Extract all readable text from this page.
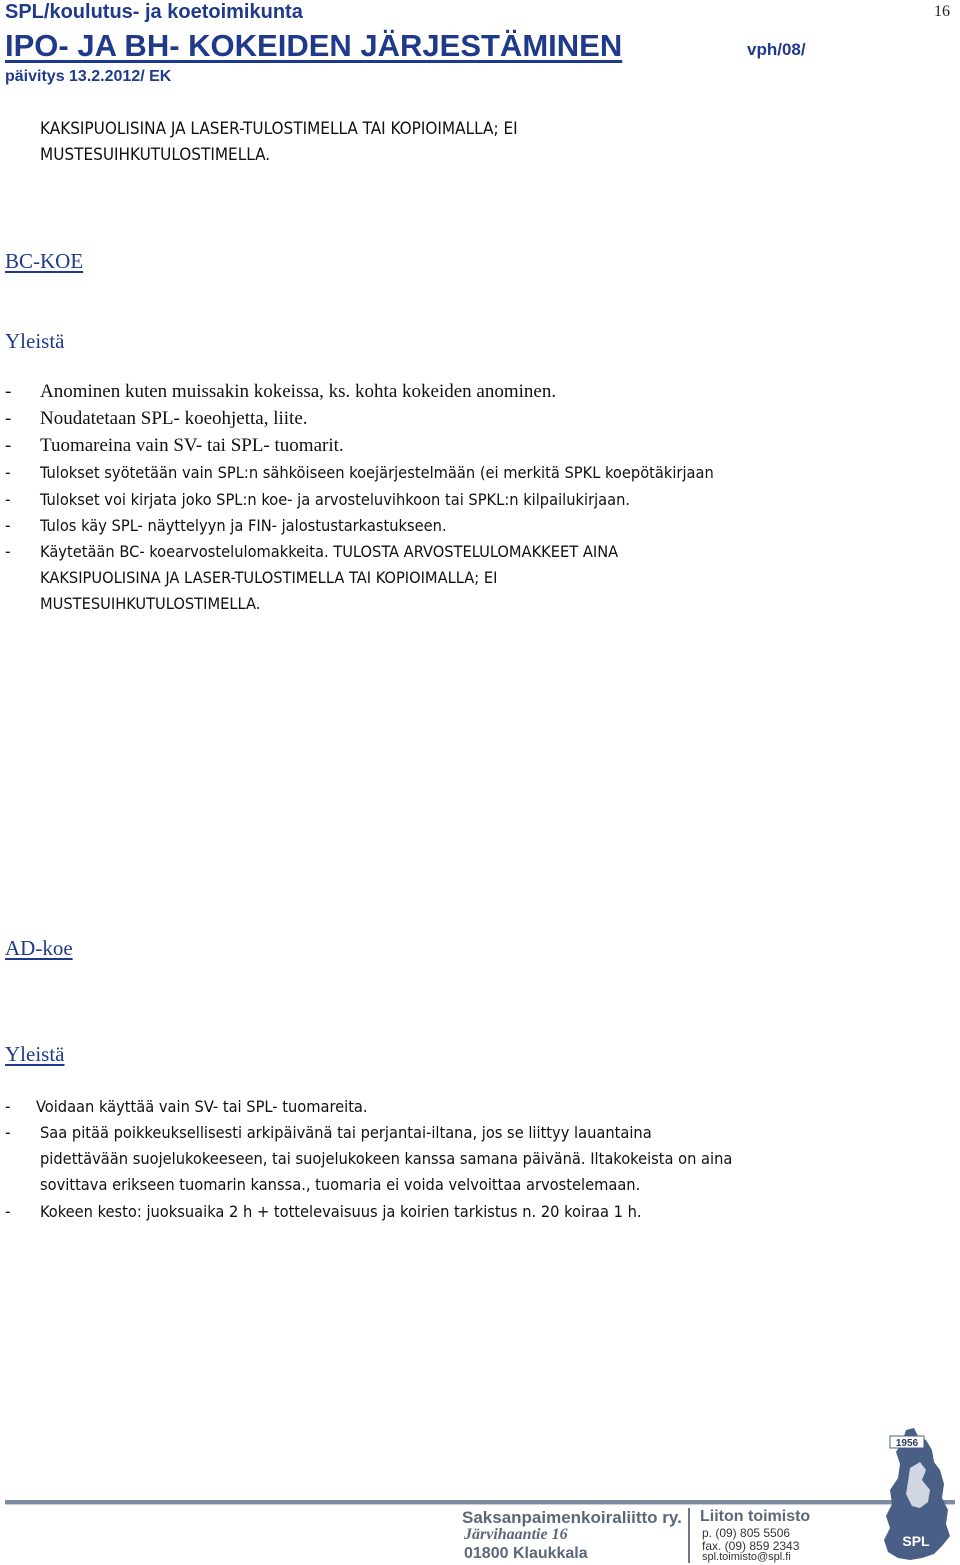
SPL/koulutus- ja koetoimikunta
IPO- JA BH- KOKEIDEN JÄRJESTÄMINEN	vph/08/
päivitys 13.2.2012/ EK
16
KAKSIPUOLISINA JA LASER-TULOSTIMELLA TAI KOPIOIMALLA; EI
MUSTESUIHKUTULOSTIMELLA.
BC-KOE
Yleistä
- Anominen kuten muissakin kokeissa, ks. kohta kokeiden anominen.
- Noudatetaan SPL- koeohjetta, liite.
- Tuomareina vain SV- tai SPL- tuomarit.
- Tulokset syötetään vain SPL:n sähköiseen koejärjestelmään (ei merkitä SPKL koepötäkirjaan
- Tulokset voi kirjata joko SPL:n koe- ja arvosteluvihkoon tai SPKL:n kilpailukirjaan.
- Tulos käy SPL- näyttelyyn ja FIN- jalostustarkastukseen.
- Käytetään BC- koearvostelulomakkeita. TULOSTA ARVOSTELULOMAKKEET AINA
KAKSIPUOLISINA JA LASER-TULOSTIMELLA TAI KOPIOIMALLA; EI
MUSTESUIHKUTULOSTIMELLA.
AD-koe
Yleistä
- Voidaan käyttää vain SV- tai SPL- tuomareita.
- Saa pitää poikkeuksellisesti arkipäivänä tai perjantai-iltana, jos se liittyy lauantaina
pidettävään suojelukokeeseen, tai suojelukokeen kanssa samana päivänä. Iltakokeista on aina
sovittava erikseen tuomarin kanssa., tuomaria ei voida velvoittaa arvostelemaan.
- Kokeen kesto: juoksuaika 2 h + tottelevaisuus ja koirien tarkistus n. 20 koiraa 1 h.
Saksanpaimenkoiraliitto ry.
Järvihaantie 16
01800 Klaukkala
Liiton toimisto
p. (09) 805 5506
fax. (09) 859 2343
spl.toimisto@spl.fi
1956
SPL
